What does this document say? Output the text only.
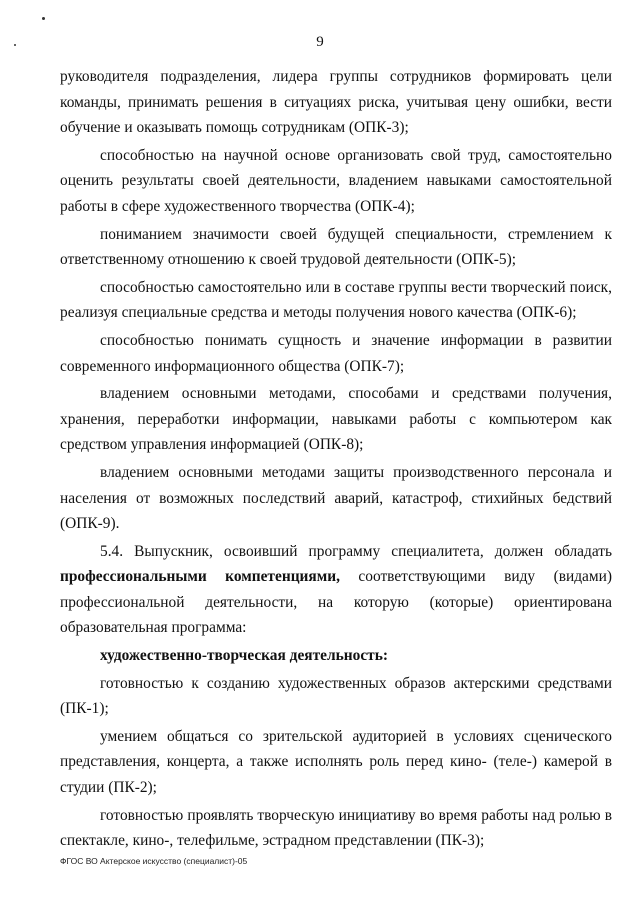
9

руководителя подразделения, лидера группы сотрудников формировать цели команды, принимать решения в ситуациях риска, учитывая цену ошибки, вести обучение и оказывать помощь сотрудникам (ОПК-3);

способностью на научной основе организовать свой труд, самостоятельно оценить результаты своей деятельности, владением навыками самостоятельной работы в сфере художественного творчества (ОПК-4);

пониманием значимости своей будущей специальности, стремлением к ответственному отношению к своей трудовой деятельности (ОПК-5);

способностью самостоятельно или в составе группы вести творческий поиск, реализуя специальные средства и методы получения нового качества (ОПК-6);

способностью понимать сущность и значение информации в развитии современного информационного общества (ОПК-7);

владением основными методами, способами и средствами получения, хранения, переработки информации, навыками работы с компьютером как средством управления информацией (ОПК-8);

владением основными методами защиты производственного персонала и населения от возможных последствий аварий, катастроф, стихийных бедствий (ОПК-9).

5.4. Выпускник, освоивший программу специалитета, должен обладать профессиональными компетенциями, соответствующими виду (видами) профессиональной деятельности, на которую (которые) ориентирована образовательная программа:

художественно-творческая деятельность:

готовностью к созданию художественных образов актерскими средствами (ПК-1);

умением общаться со зрительской аудиторией в условиях сценического представления, концерта, а также исполнять роль перед кино- (теле-) камерой в студии (ПК-2);

готовностью проявлять творческую инициативу во время работы над ролью в спектакле, кино-, телефильме, эстрадном представлении (ПК-3);

ФГОС ВО Актерское искусство (специалист)-05
